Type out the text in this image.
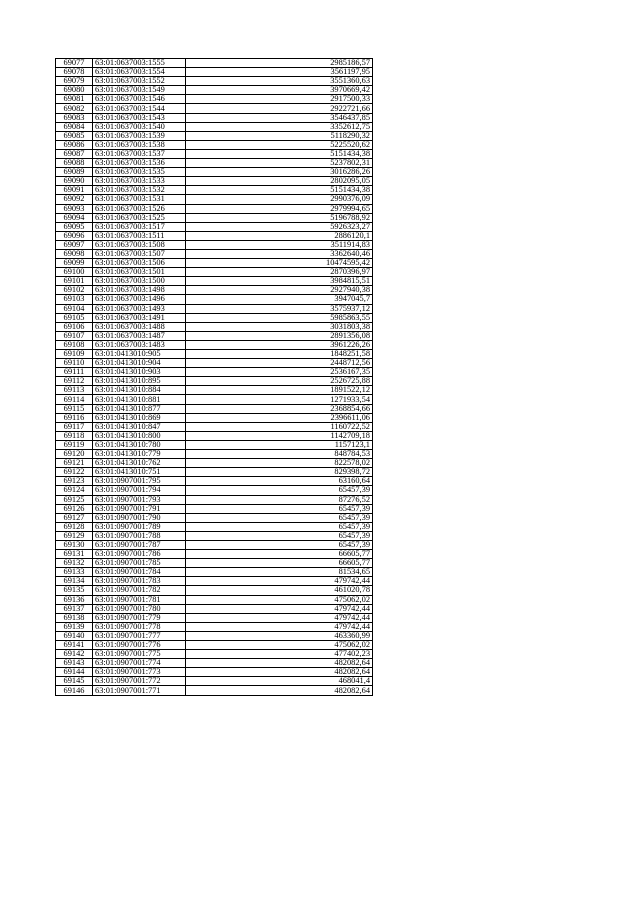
69077	63:01:0637003:1555	2985186,57
69078	63:01:0637003:1554	3561197,95
69079	63:01:0637003:1552	3551360,63
69080	63:01:0637003:1549	3970669,42
69081	63:01:0637003:1546	2917500,33
69082	63:01:0637003:1544	2922721,66
69083	63:01:0637003:1543	3546437,85
69084	63:01:0637003:1540	3352612,75
69085	63:01:0637003:1539	5118290,32
69086	63:01:0637003:1538	5225520,62
69087	63:01:0637003:1537	5151434,38
69088	63:01:0637003:1536	5237802,31
69089	63:01:0637003:1535	3016286,26
69090	63:01:0637003:1533	2802095,05
69091	63:01:0637003:1532	5151434,38
69092	63:01:0637003:1531	2990376,09
69093	63:01:0637003:1526	2979994,65
69094	63:01:0637003:1525	5196788,92
69095	63:01:0637003:1517	5926323,27
69096	63:01:0637003:1511	2886120,1
69097	63:01:0637003:1508	3511914,83
69098	63:01:0637003:1507	3362640,46
69099	63:01:0637003:1506	10474595,42
69100	63:01:0637003:1501	2870396,97
69101	63:01:0637003:1500	3984815,51
69102	63:01:0637003:1498	2927940,38
69103	63:01:0637003:1496	3947045,7
69104	63:01:0637003:1493	3575937,12
69105	63:01:0637003:1491	5985863,55
69106	63:01:0637003:1488	3031803,38
69107	63:01:0637003:1487	2891356,08
69108	63:01:0637003:1483	3961226,26
69109	63:01:0413010:905	1848251,58
69110	63:01:0413010:904	2448712,56
69111	63:01:0413010:903	2536167,35
69112	63:01:0413010:895	2526725,88
69113	63:01:0413010:884	1891522,12
69114	63:01:0413010:881	1271933,54
69115	63:01:0413010:877	2368854,66
69116	63:01:0413010:869	2396611,06
69117	63:01:0413010:847	1160722,52
69118	63:01:0413010:800	1142709,18
69119	63:01:0413010:780	1157123,1
69120	63:01:0413010:779	848784,53
69121	63:01:0413010:762	822578,02
69122	63:01:0413010:751	829398,72
69123	63:01:0907001:795	63160,64
69124	63:01:0907001:794	65457,39
69125	63:01:0907001:793	87276,52
69126	63:01:0907001:791	65457,39
69127	63:01:0907001:790	65457,39
69128	63:01:0907001:789	65457,39
69129	63:01:0907001:788	65457,39
69130	63:01:0907001:787	65457,39
69131	63:01:0907001:786	66605,77
69132	63:01:0907001:785	66605,77
69133	63:01:0907001:784	81534,65
69134	63:01:0907001:783	479742,44
69135	63:01:0907001:782	461020,78
69136	63:01:0907001:781	475062,02
69137	63:01:0907001:780	479742,44
69138	63:01:0907001:779	479742,44
69139	63:01:0907001:778	479742,44
69140	63:01:0907001:777	463360,99
69141	63:01:0907001:776	475062,02
69142	63:01:0907001:775	477402,23
69143	63:01:0907001:774	482082,64
69144	63:01:0907001:773	482082,64
69145	63:01:0907001:772	468041,4
69146	63:01:0907001:771	482082,64
